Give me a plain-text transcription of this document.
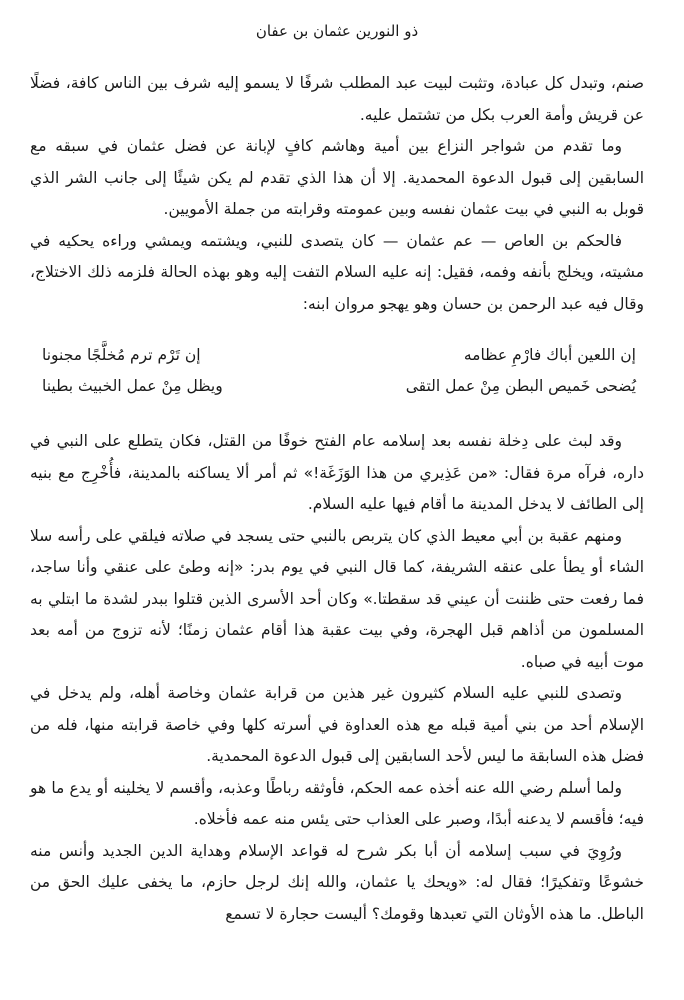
ذو النورين عثمان بن عفان

صنم، وتبدل كل عبادة، وتثبت لبيت عبد المطلب شرفًا لا يسمو إليه شرف بين الناس كافة، فضلًا عن قريش وأمة العرب بكل من تشتمل عليه.

وما تقدم من شواجر النزاع بين أمية وهاشم كافٍ لإبانة عن فضل عثمان في سبقه مع السابقين إلى قبول الدعوة المحمدية. إلا أن هذا الذي تقدم لم يكن شيئًا إلى جانب الشر الذي قوبل به النبي في بيت عثمان نفسه وبين عمومته وقرابته من جملة الأمويين.

فالحكم بن العاص — عم عثمان — كان يتصدى للنبي، ويشتمه ويمشي وراءه يحكيه في مشيته، ويخلج بأنفه وفمه، فقيل: إنه عليه السلام التفت إليه وهو بهذه الحالة فلزمه ذلك الاختلاج، وقال فيه عبد الرحمن بن حسان وهو يهجو مروان ابنه:

إن اللعين أباك فارْمِ عظامه
إن تَرْم ترم مُخلَّجًا مجنونا
يُضحى خَميص البطن مِنْ عمل التقى
ويظل مِنْ عمل الخبيث بطينا

وقد لبث على دِخلة نفسه بعد إسلامه عام الفتح خوفًا من القتل، فكان يتطلع على النبي في داره، فرآه مرة فقال: «من عَذِيري من هذا الوَزَغَة!» ثم أمر ألا يساكنه بالمدينة، فأُخْرِج مع بنيه إلى الطائف لا يدخل المدينة ما أقام فيها عليه السلام.

ومنهم عقبة بن أبي معيط الذي كان يتربص بالنبي حتى يسجد في صلاته فيلقي على رأسه سلا الشاء أو يطأ على عنقه الشريفة، كما قال النبي في يوم بدر: «إنه وطئ على عنقي وأنا ساجد، فما رفعت حتى ظننت أن عيني قد سقطتا.» وكان أحد الأسرى الذين قتلوا ببدر لشدة ما ابتلي به المسلمون من أذاهم قبل الهجرة، وفي بيت عقبة هذا أقام عثمان زمنًا؛ لأنه تزوج من أمه بعد موت أبيه في صباه.

وتصدى للنبي عليه السلام كثيرون غير هذين من قرابة عثمان وخاصة أهله، ولم يدخل في الإسلام أحد من بني أمية قبله مع هذه العداوة في أسرته كلها وفي خاصة قرابته منها، فله من فضل هذه السابقة ما ليس لأحد السابقين إلى قبول الدعوة المحمدية.

ولما أسلم رضي الله عنه أخذه عمه الحكم، فأوثقه رباطًا وعذبه، وأقسم لا يخلينه أو يدع ما هو فيه؛ فأقسم لا يدعنه أبدًا، وصبر على العذاب حتى يئس منه عمه فأخلاه.

ورُوِيَ في سبب إسلامه أن أبا بكر شرح له قواعد الإسلام وهداية الدين الجديد وأنس منه خشوعًا وتفكيرًا؛ فقال له: «ويحك يا عثمان، والله إنك لرجل حازم، ما يخفى عليك الحق من الباطل. ما هذه الأوثان التي تعبدها وقومك؟ أليست حجارة لا تسمع
